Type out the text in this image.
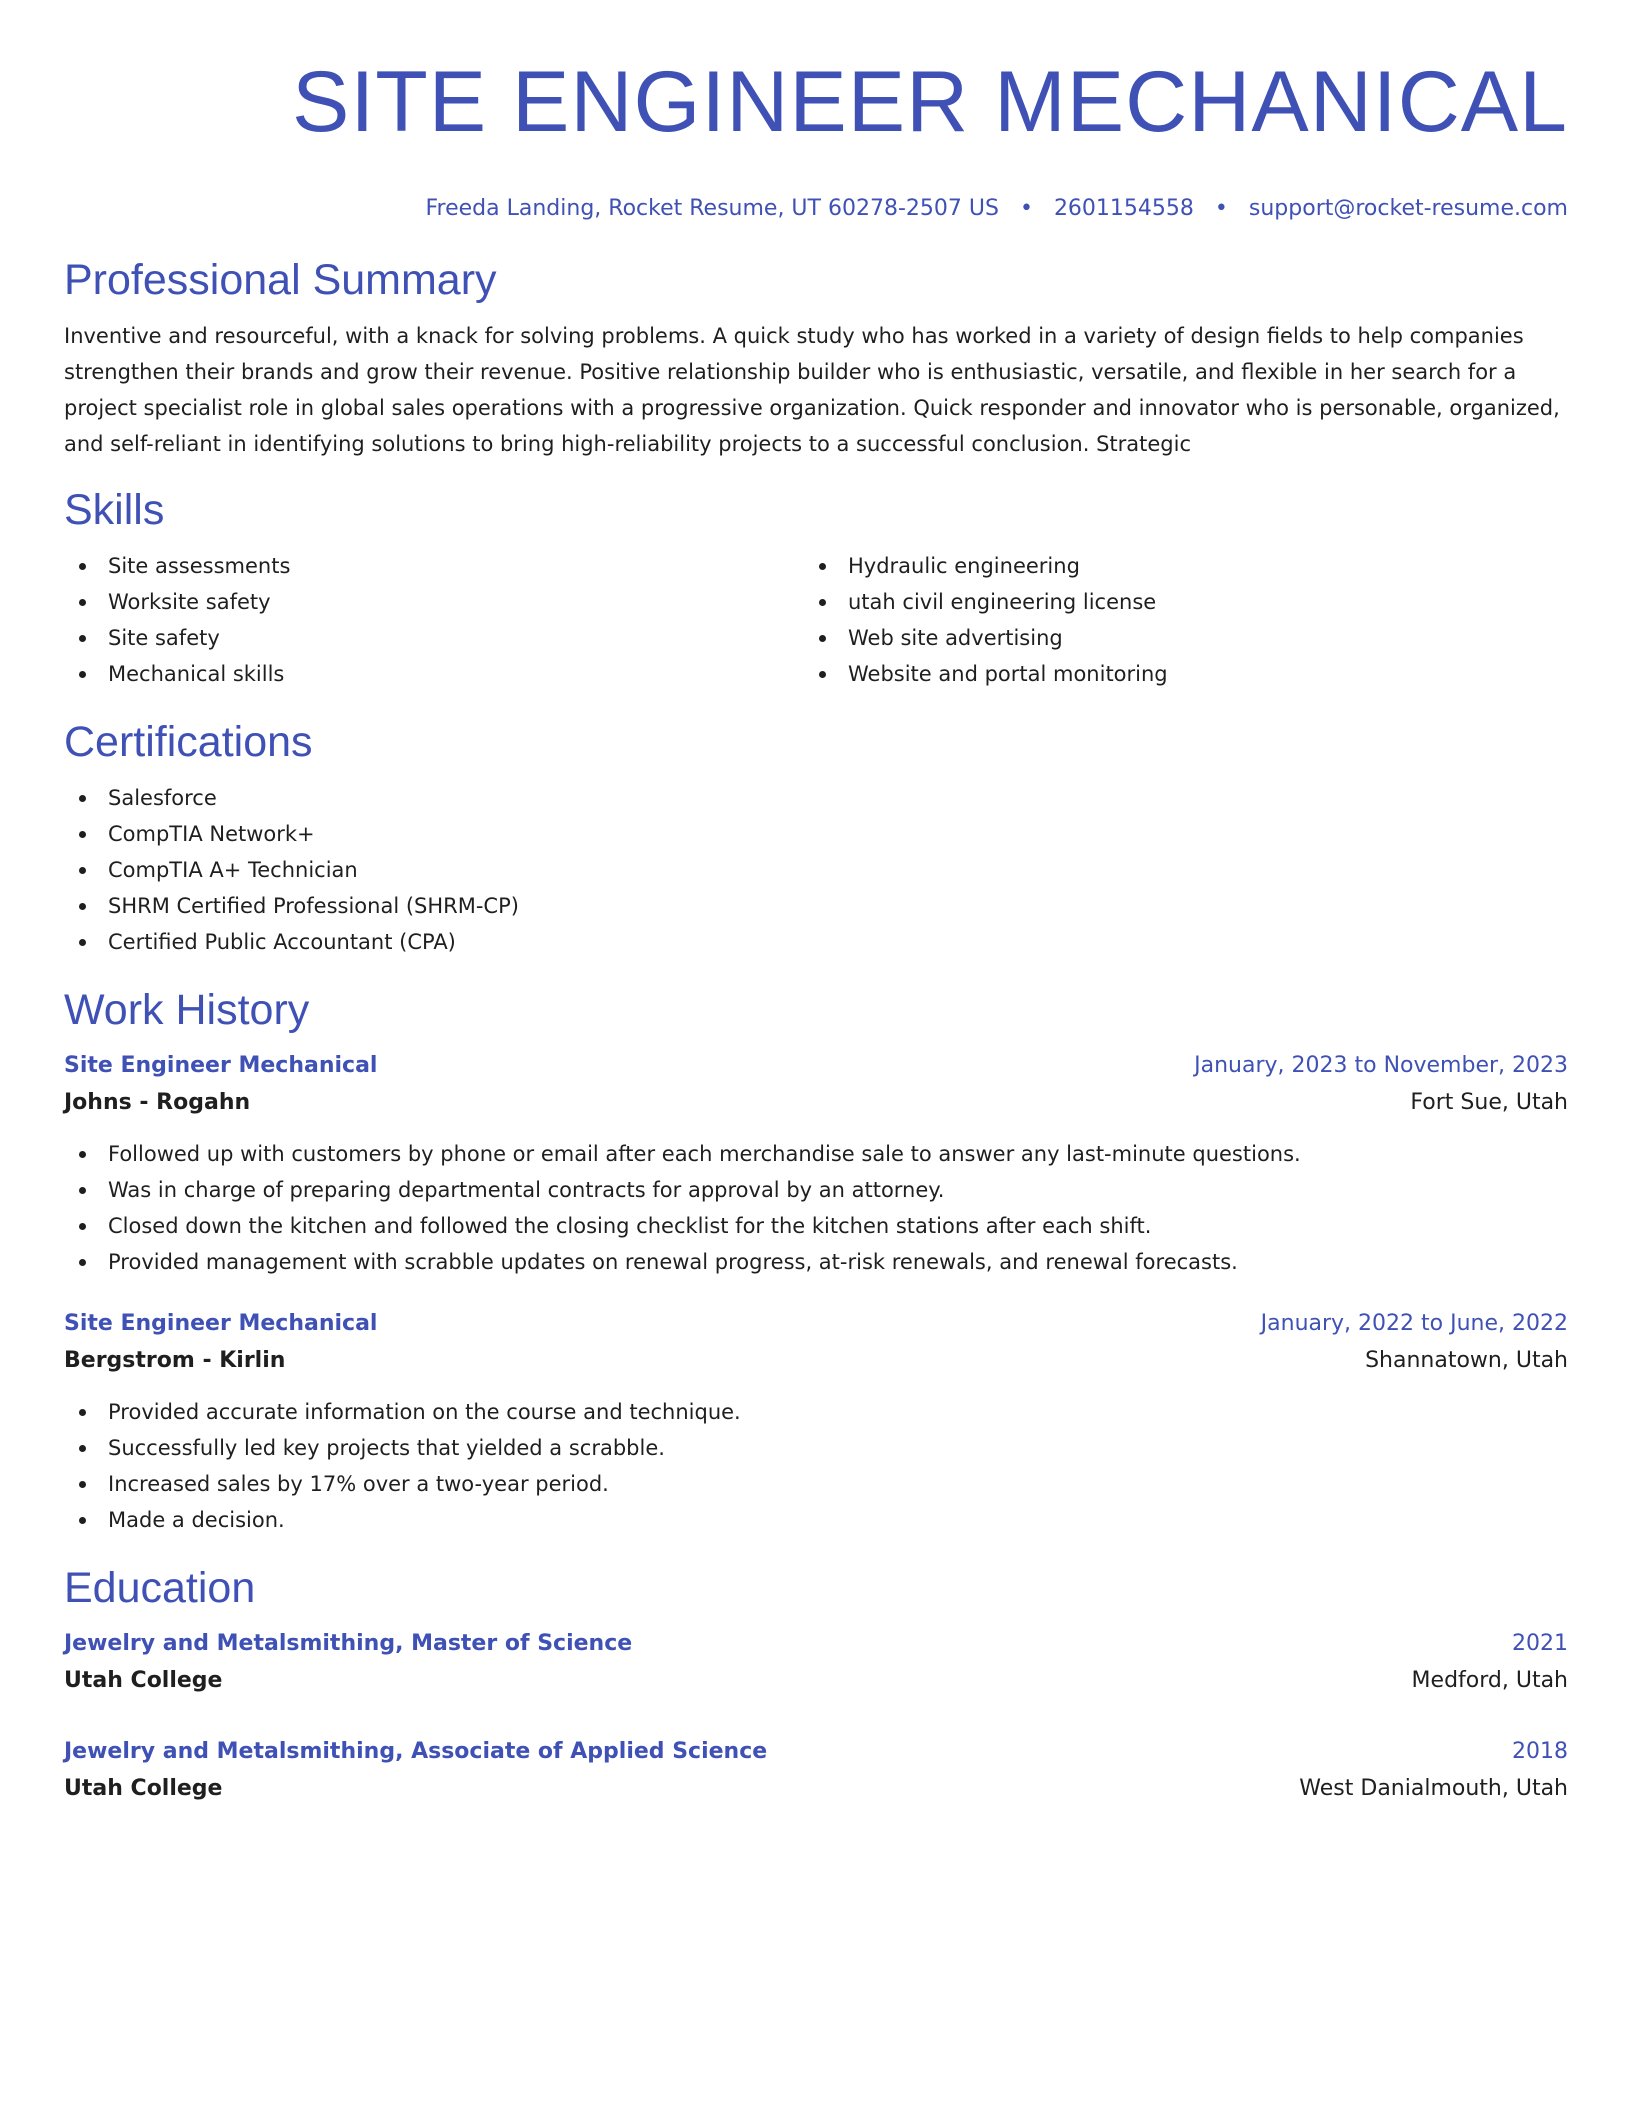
SITE ENGINEER MECHANICAL
Freeda Landing, Rocket Resume, UT 60278-2507 US • 2601154558 • support@rocket-resume.com
Professional Summary

Inventive and resourceful, with a knack for solving problems. A quick study who has worked in a variety of design fields to help companies strengthen their brands and grow their revenue. Positive relationship builder who is enthusiastic, versatile, and flexible in her search for a project specialist role in global sales operations with a progressive organization. Quick responder and innovator who is personable, organized, and self-reliant in identifying solutions to bring high-reliability projects to a successful conclusion. Strategic

Skills
Site assessments
Worksite safety
Site safety
Mechanical skills
Hydraulic engineering
utah civil engineering license
Web site advertising
Website and portal monitoring
Certifications
Salesforce
CompTIA Network+
CompTIA A+ Technician
SHRM Certified Professional (SHRM-CP)
Certified Public Accountant (CPA)
Work History
Site Engineer Mechanical	January, 2023 to November, 2023
Johns - Rogahn	Fort Sue, Utah
Followed up with customers by phone or email after each merchandise sale to answer any last-minute questions.
Was in charge of preparing departmental contracts for approval by an attorney.
Closed down the kitchen and followed the closing checklist for the kitchen stations after each shift.
Provided management with scrabble updates on renewal progress, at-risk renewals, and renewal forecasts.
Site Engineer Mechanical	January, 2022 to June, 2022
Bergstrom - Kirlin	Shannatown, Utah
Provided accurate information on the course and technique.
Successfully led key projects that yielded a scrabble.
Increased sales by 17% over a two-year period.
Made a decision.
Education
Jewelry and Metalsmithing, Master of Science	2021
Utah College	Medford, Utah
Jewelry and Metalsmithing, Associate of Applied Science	2018
Utah College	West Danialmouth, Utah
